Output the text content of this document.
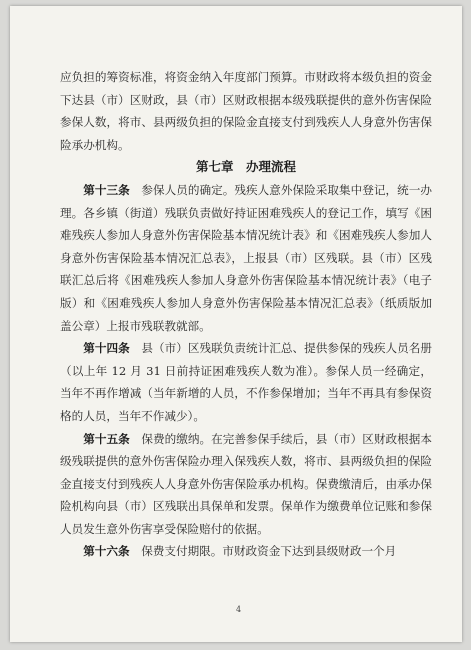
应负担的筹资标准，将资金纳入年度部门预算。市财政将本级负担的资金下达县（市）区财政，县（市）区财政根据本级残联提供的意外伤害保险参保人数，将市、县两级负担的保险金直接支付到残疾人人身意外伤害保险承办机构。

第七章　办理流程

第十三条　 参保人员的确定。残疾人意外保险采取集中登记，统一办理。各乡镇（街道）残联负责做好持证困难残疾人的登记工作，填写《困难残疾人参加人身意外伤害保险基本情况统计表》和《困难残疾人参加人身意外伤害保险基本情况汇总表》，上报县（市）区残联。县（市）区残联汇总后将《困难残疾人参加人身意外伤害保险基本情况统计表》（电子版）和《困难残疾人参加人身意外伤害保险基本情况汇总表》（纸质版加盖公章）上报市残联教就部。

第十四条　 县（市）区残联负责统计汇总、提供参保的残疾人员名册（以上年 12 月 31 日前持证困难残疾人数为准）。参保人员一经确定，当年不再作增减（当年新增的人员，不作参保增加；当年不再具有参保资格的人员，当年不作减少）。

第十五条　 保费的缴纳。在完善参保手续后，县（市）区财政根据本级残联提供的意外伤害保险办理入保残疾人数，将市、县两级负担的保险金直接支付到残疾人人身意外伤害保险承办机构。保费缴清后，由承办保险机构向县（市）区残联出具保单和发票。保单作为缴费单位记账和参保人员发生意外伤害享受保险赔付的依据。

第十六条　 保费支付期限。市财政资金下达到县级财政一个月

4
